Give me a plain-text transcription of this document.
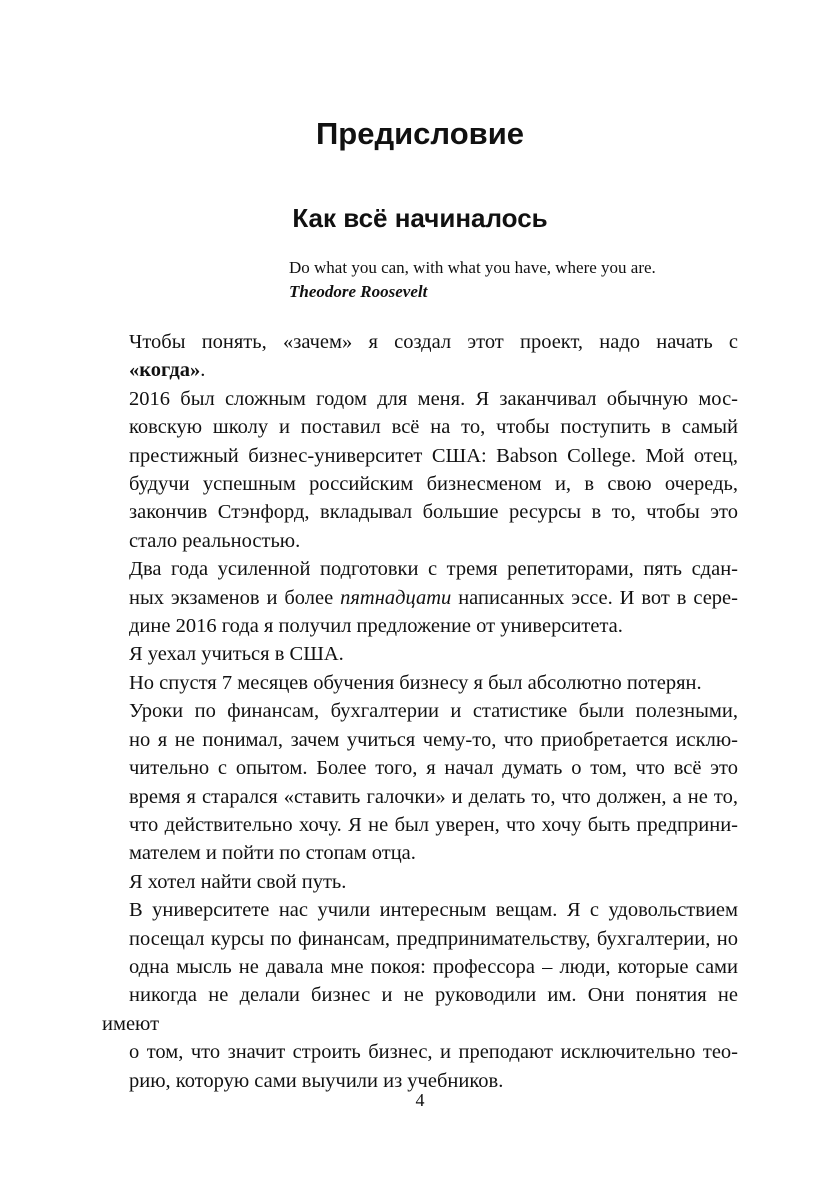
Предисловие
Как всё начиналось
Do what you can, with what you have, where you are.
Theodore Roosevelt

Чтобы понять, «зачем» я создал этот проект, надо начать с
«когда».

2016 был сложным годом для меня. Я заканчивал обычную мос-
ковскую школу и поставил всё на то, чтобы поступить в самый
престижный бизнес-университет США: Babson College. Мой отец,
будучи успешным российским бизнесменом и, в свою очередь,
закончив Стэнфорд, вкладывал большие ресурсы в то, чтобы это
стало реальностью.

Два года усиленной подготовки с тремя репетиторами, пять сдан-
ных экзаменов и более пятнадцати написанных эссе. И вот в сере-
дине 2016 года я получил предложение от университета.

Я уехал учиться в США.

Но спустя 7 месяцев обучения бизнесу я был абсолютно потерян.

Уроки по финансам, бухгалтерии и статистике были полезными,
но я не понимал, зачем учиться чему-то, что приобретается исклю-
чительно с опытом. Более того, я начал думать о том, что всё это
время я старался «ставить галочки» и делать то, что должен, а не то,
что действительно хочу. Я не был уверен, что хочу быть предприни-
мателем и пойти по стопам отца.

Я хотел найти свой путь.

В университете нас учили интересным вещам. Я с удовольствием
посещал курсы по финансам, предпринимательству, бухгалтерии, но
одна мысль не давала мне покоя: профессора – люди, которые сами
никогда не делали бизнес и не руководили им. Они понятия не имеют
о том, что значит строить бизнес, и преподают исключительно тео-
рию, которую сами выучили из учебников.

4
